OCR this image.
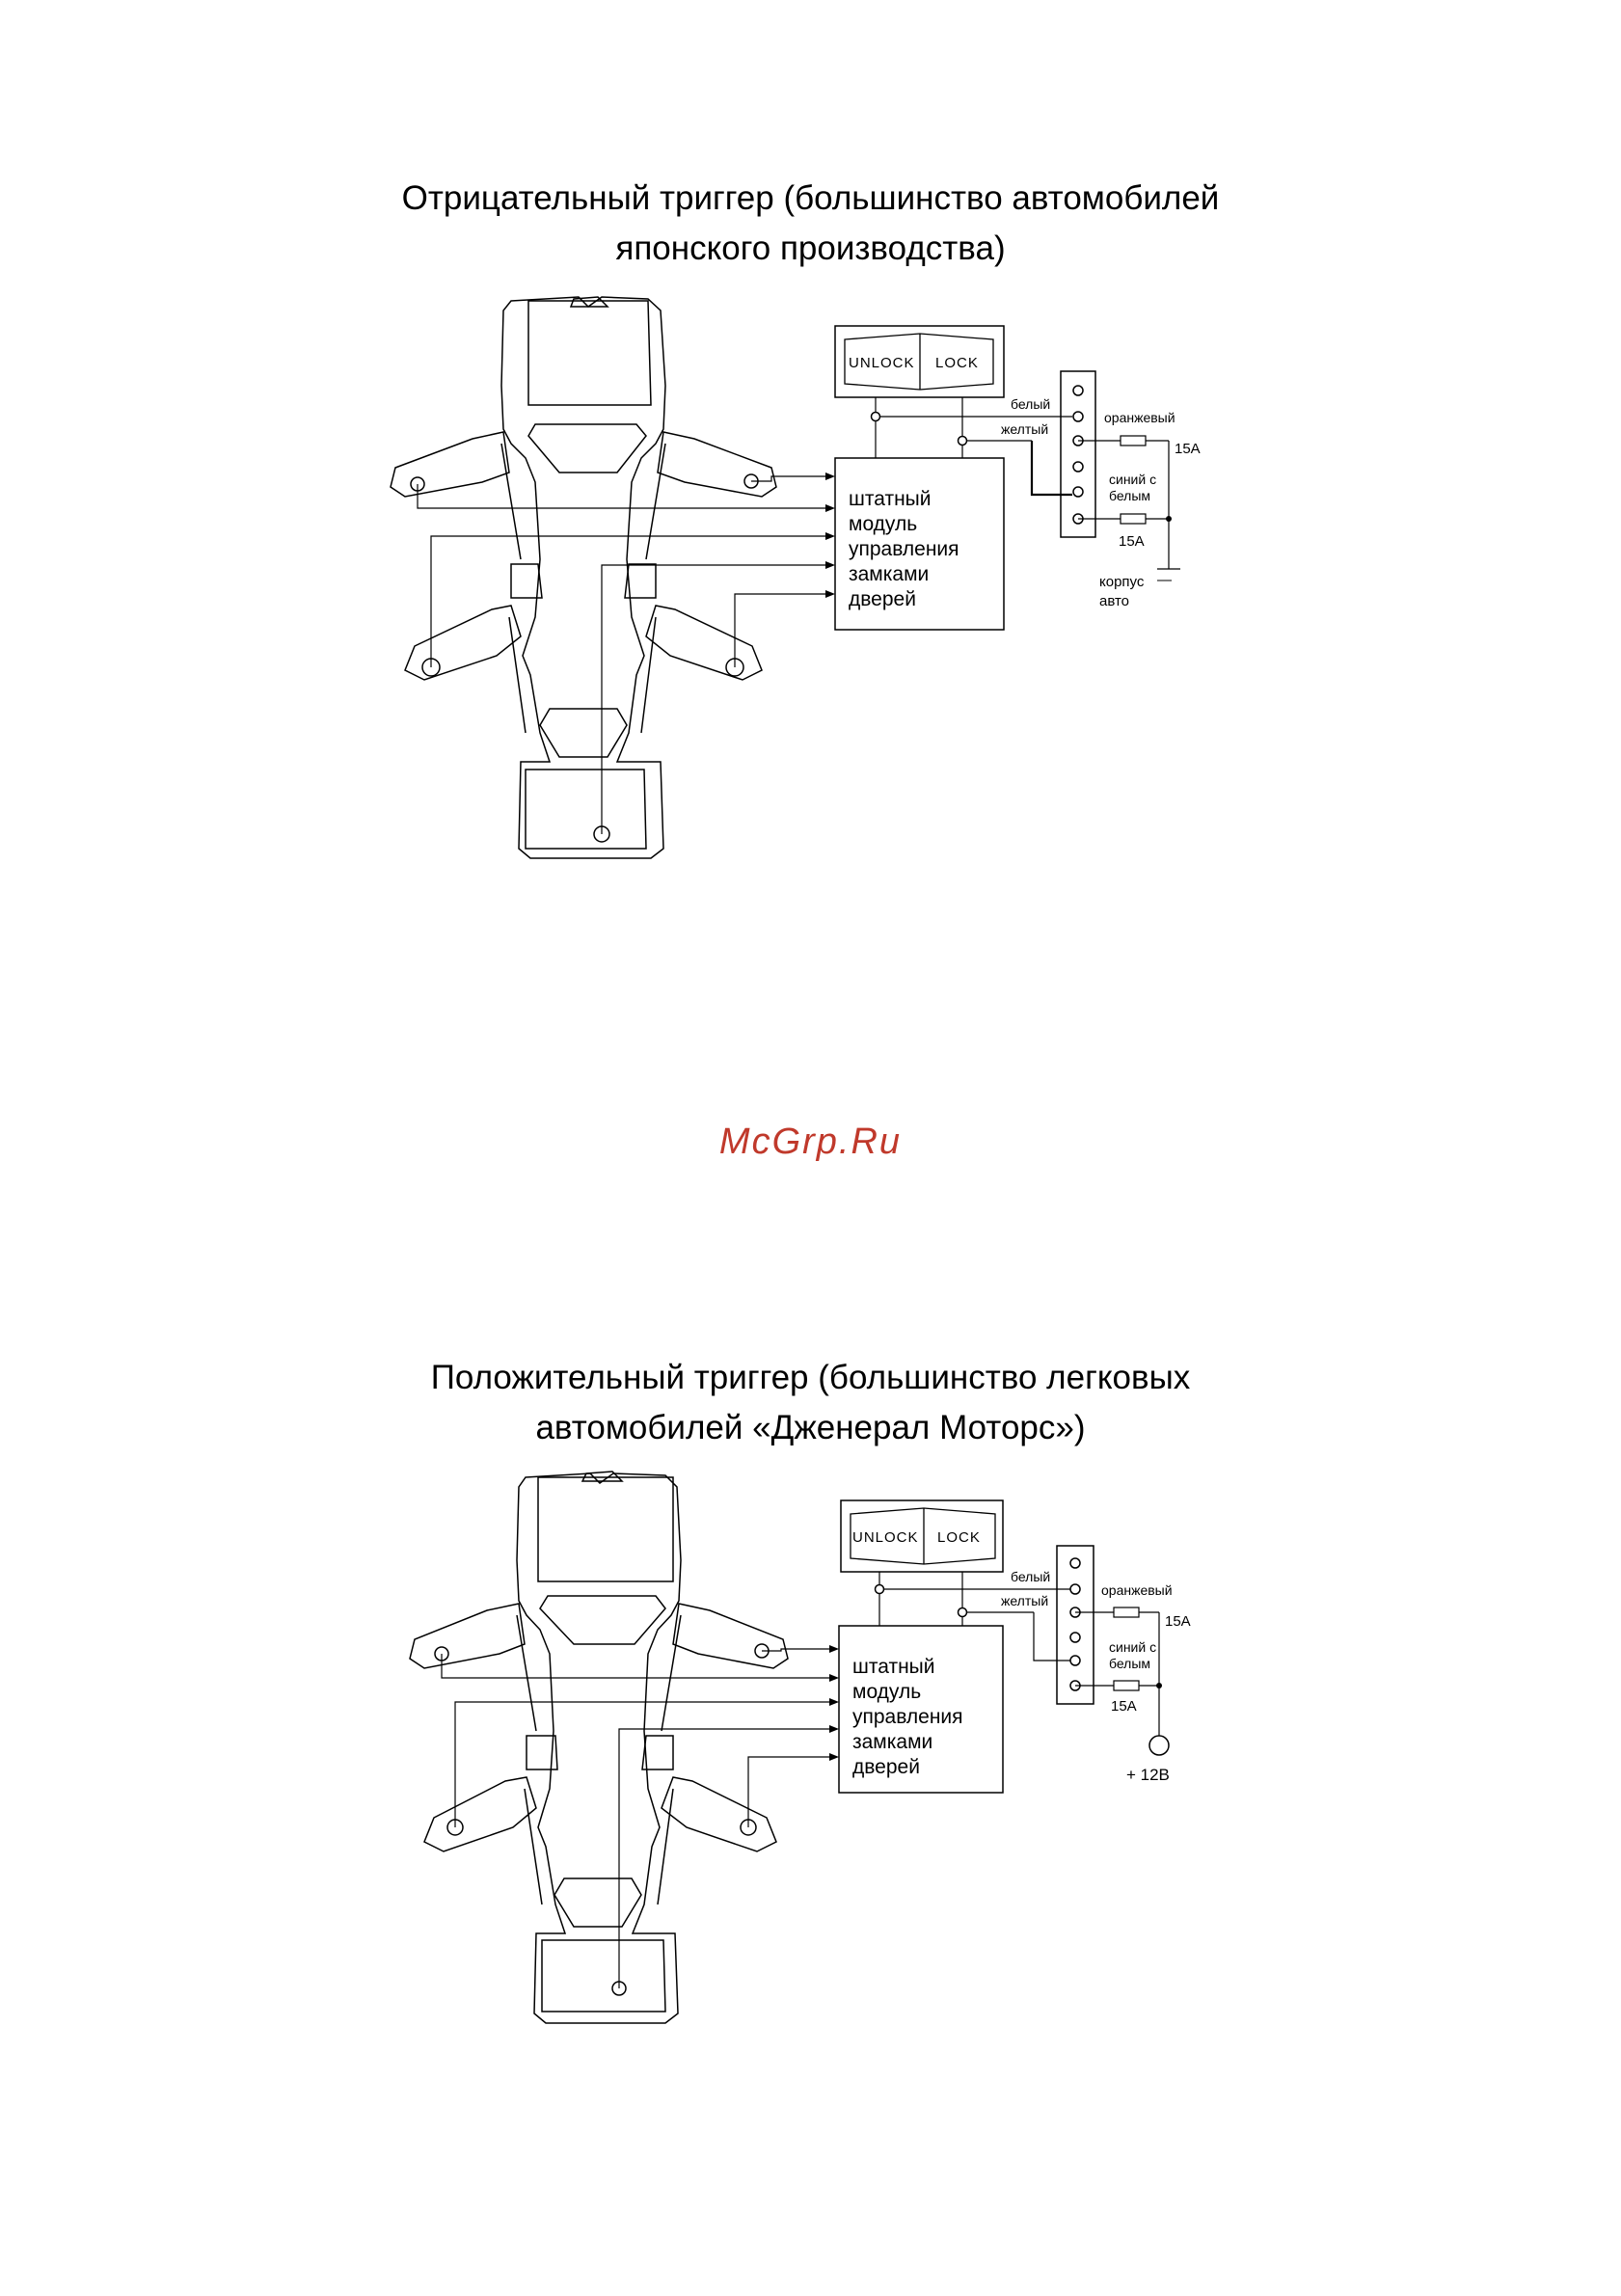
Отрицательный триггер (большинство автомобилей
японского производства)
McGrp.Ru
Положительный триггер (большинство легковых
автомобилей «Дженерал Моторс»)
штатный
модуль
управления
замками
дверей
UNLOCK LOCK
белый
желтый
оранжевый
синий с
белым
15А
15А
корпус
авто
—
штатный
модуль
управления
замками
дверей
UNLOCK LOCK
белый
желтый
оранжевый
синий с
белым
15А
15А
+ 12В
